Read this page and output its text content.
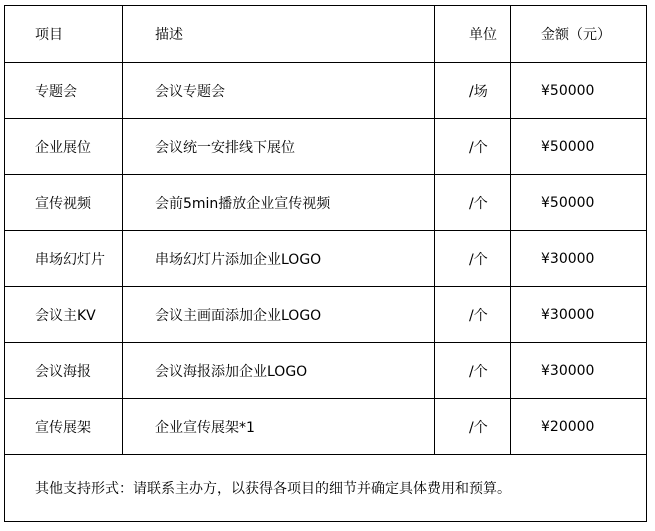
项目	描述	单位	金额（元）
专题会	会议专题会	/场	¥50000
企业展位	会议统一安排线下展位	/个	¥50000
宣传视频	会前5min播放企业宣传视频	/个	¥50000
串场幻灯片	串场幻灯片添加企业LOGO	/个	¥30000
会议主KV	会议主画面添加企业LOGO	/个	¥30000
会议海报	会议海报添加企业LOGO	/个	¥30000
宣传展架	企业宣传展架*1	/个	¥20000
其他支持形式：请联系主办方，以获得各项目的细节并确定具体费用和预算。			
